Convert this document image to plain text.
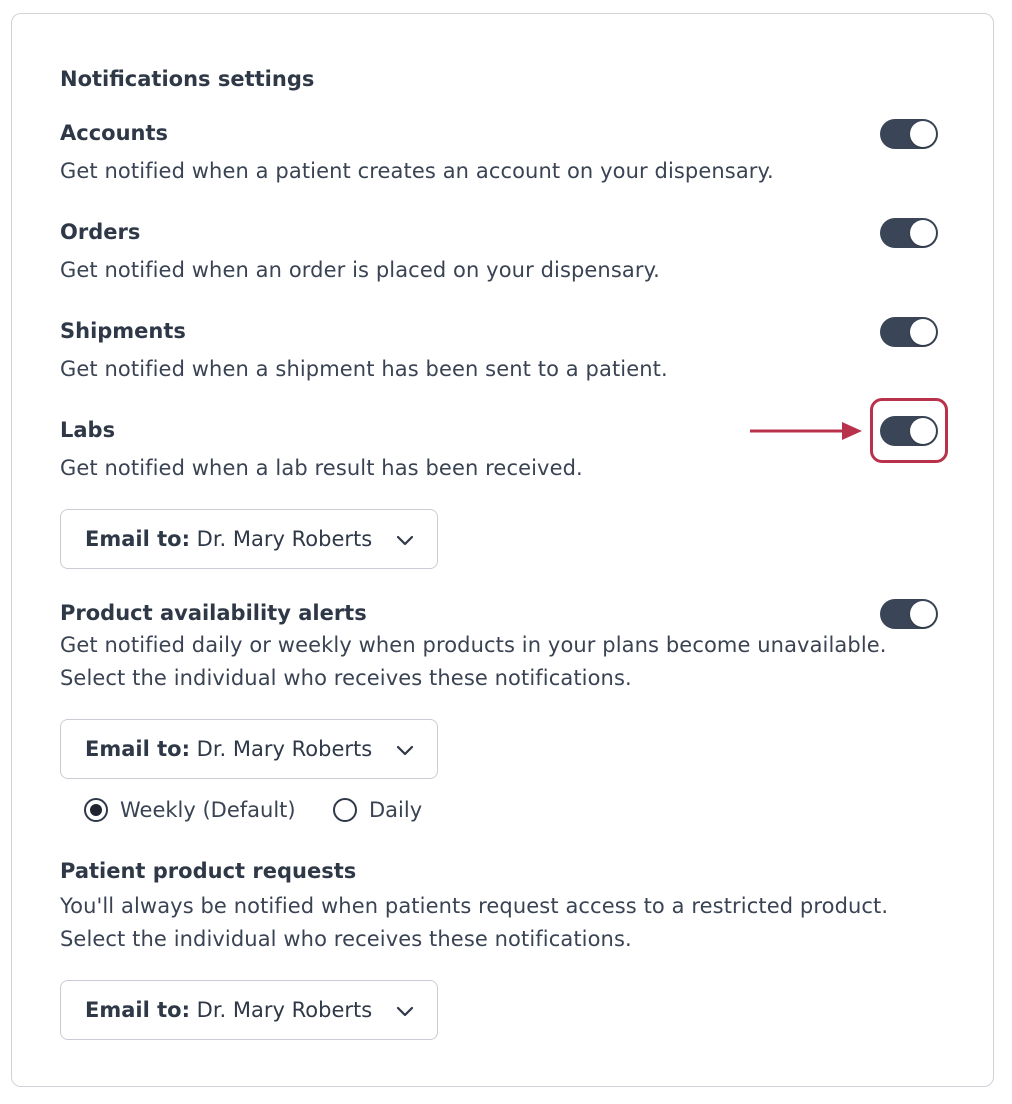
Notifications settings
Accounts
Get notified when a patient creates an account on your dispensary.
Orders
Get notified when an order is placed on your dispensary.
Shipments
Get notified when a shipment has been sent to a patient.
Labs
Get notified when a lab result has been received.
Email to: Dr. Mary Roberts
Product availability alerts
Get notified daily or weekly when products in your plans become unavailable.
Select the individual who receives these notifications.
Email to: Dr. Mary Roberts
Weekly (Default)	Daily
Patient product requests
You'll always be notified when patients request access to a restricted product.
Select the individual who receives these notifications.
Email to: Dr. Mary Roberts
